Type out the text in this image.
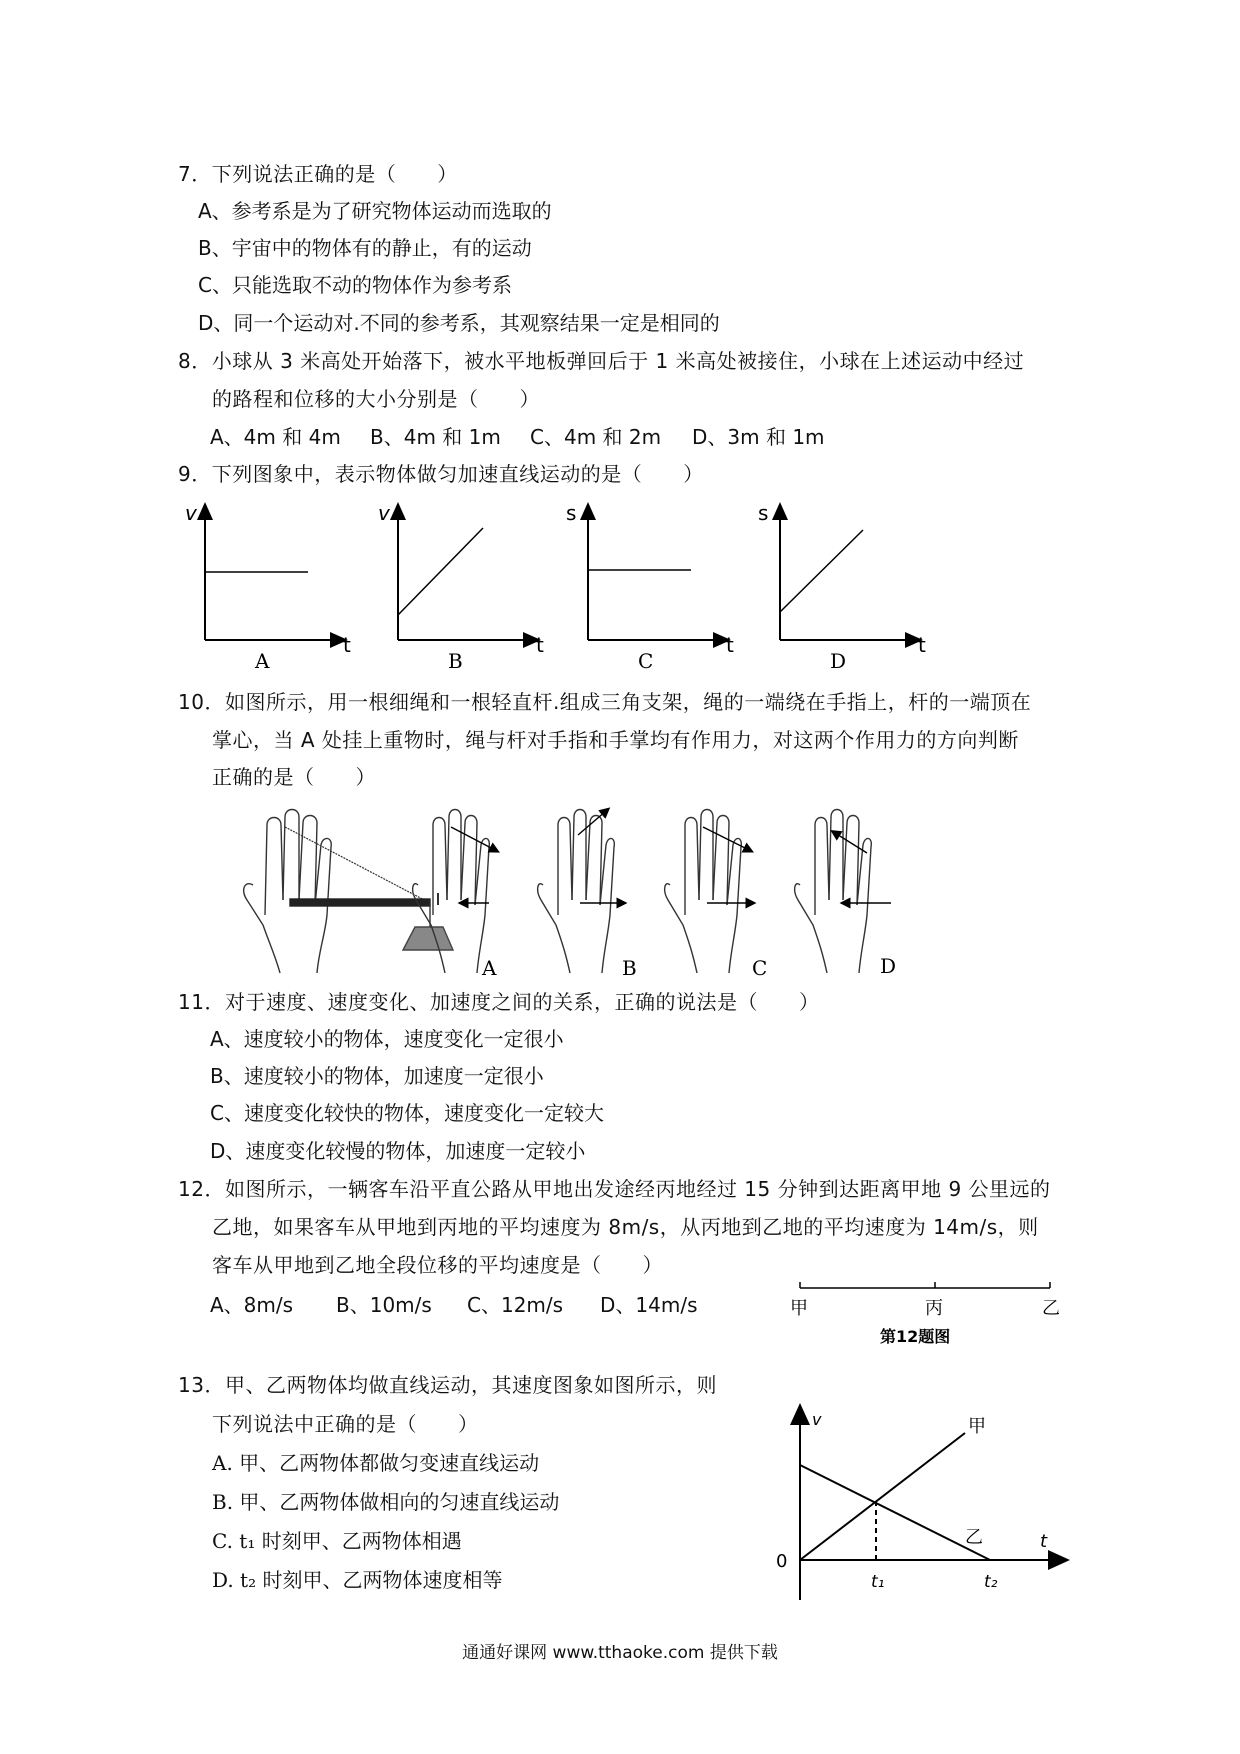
7．下列说法正确的是（　　）
A、参考系是为了研究物体运动而选取的
B、宇宙中的物体有的静止，有的运动
C、只能选取不动的物体作为参考系
D、同一个运动对.不同的参考系，其观察结果一定是相同的
8．小球从 3 米高处开始落下，被水平地板弹回后于 1 米高处被接住，小球在上述运动中经过
的路程和位移的大小分别是（　　）
A、4m 和 4m B、4m 和 1m C、4m 和 2m D、3m 和 1m
9．下列图象中，表示物体做匀加速直线运动的是（　　）
v
t
A
v
t
B
s
t
C
s
t
D
10．如图所示，用一根细绳和一根轻直杆.组成三角支架，绳的一端绕在手指上，杆的一端顶在
掌心，当 A 处挂上重物时，绳与杆对手指和手掌均有作用力，对这两个作用力的方向判断
正确的是（　　）
A	B	C	D
11．对于速度、速度变化、加速度之间的关系，正确的说法是（　　）
A、速度较小的物体，速度变化一定很小
B、速度较小的物体，加速度一定很小
C、速度变化较快的物体，速度变化一定较大
D、速度变化较慢的物体，加速度一定较小
12．如图所示，一辆客车沿平直公路从甲地出发途经丙地经过 15 分钟到达距离甲地 9 公里远的
乙地，如果客车从甲地到丙地的平均速度为 8m/s，从丙地到乙地的平均速度为 14m/s，则
客车从甲地到乙地全段位移的平均速度是（　　）
A、8m/s B、10m/s C、12m/s D、14m/s	甲	丙	乙
第12题图
13．甲、乙两物体均做直线运动，其速度图象如图所示，则
下列说法中正确的是（　　）
A. 甲、乙两物体都做匀变速直线运动
B. 甲、乙两物体做相向的匀速直线运动
C. t₁ 时刻甲、乙两物体相遇
D. t₂ 时刻甲、乙两物体速度相等
v
t
0
甲
乙
t₁	t₂
通通好课网 www.tthaoke.com 提供下载
